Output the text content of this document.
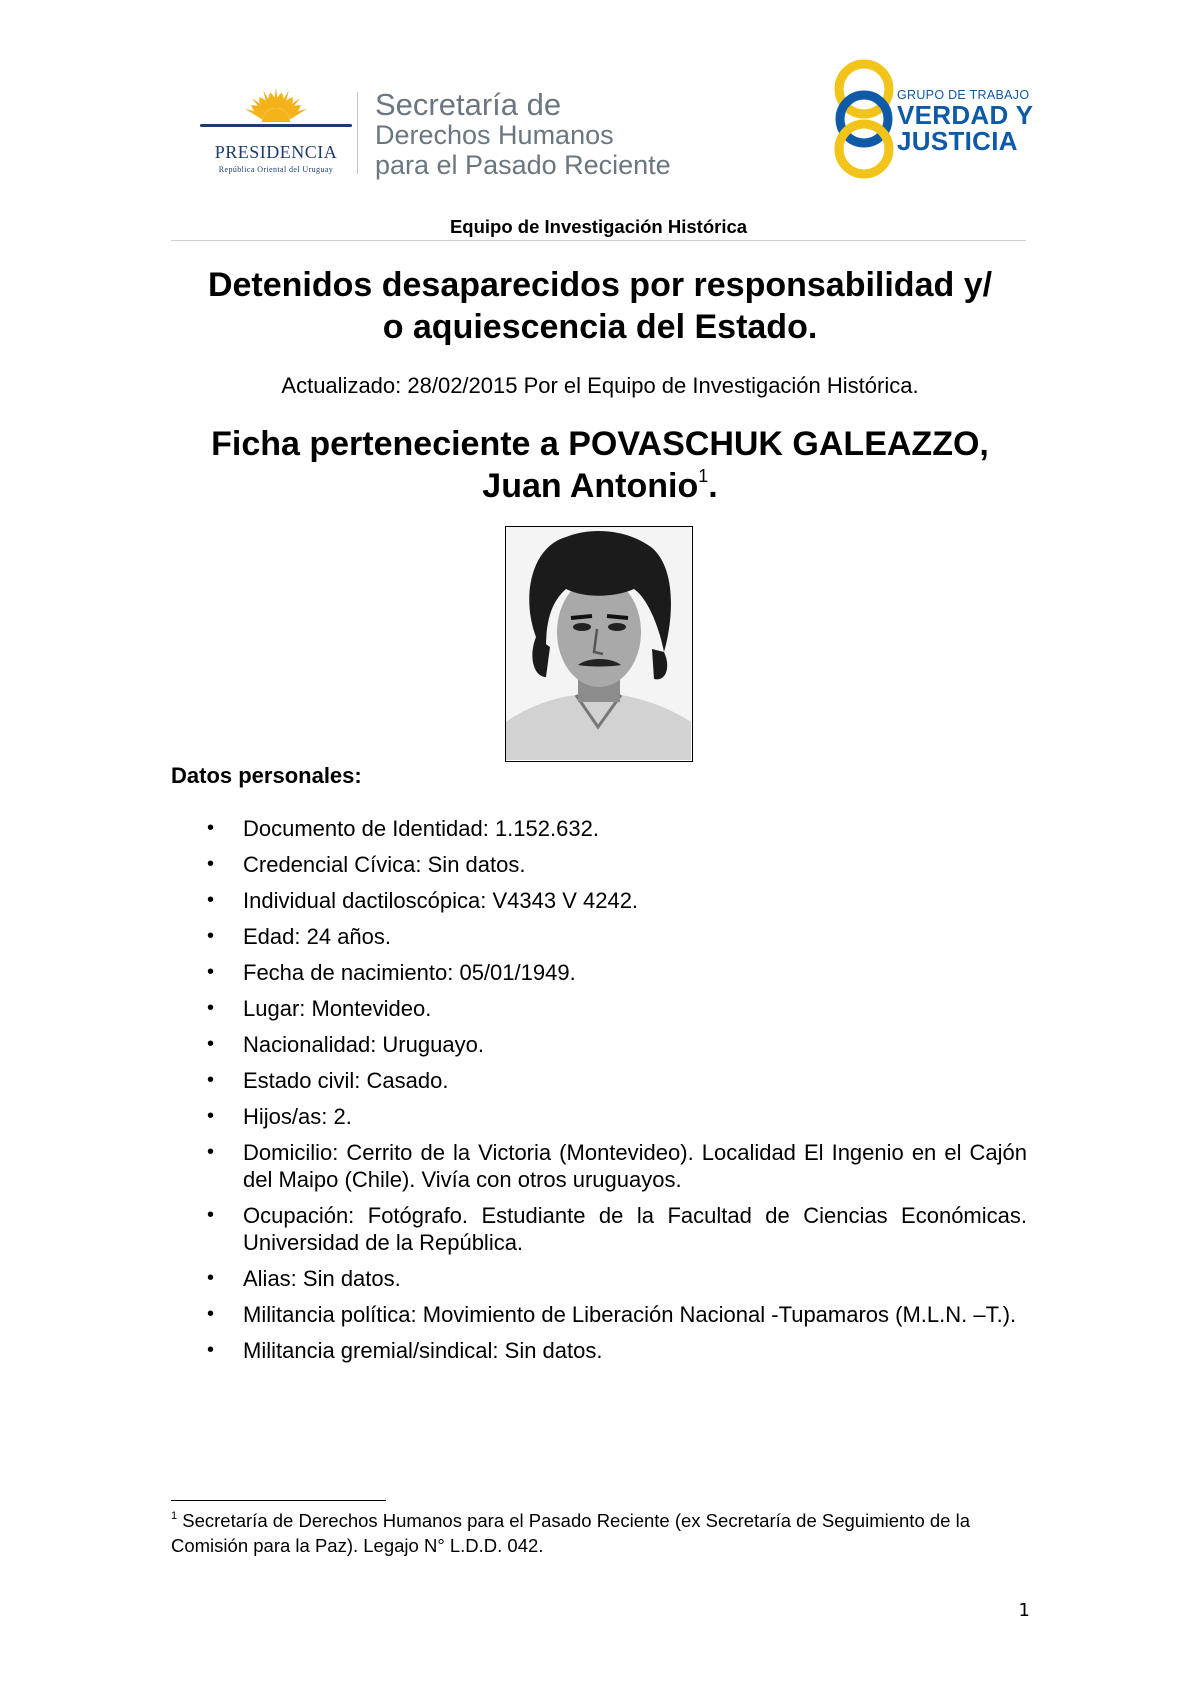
PRESIDENCIA
República Oriental del Uruguay
Secretaría de
Derechos Humanos
para el Pasado Reciente
GRUPO DE TRABAJO
VERDAD Y
JUSTICIA
Equipo de Investigación Histórica
Detenidos desaparecidos por responsabilidad y/
o aquiescencia del Estado.
Actualizado: 28/02/2015 Por el Equipo de Investigación Histórica.
Ficha perteneciente a POVASCHUK GALEAZZO,
Juan Antonio$^1$.
Datos personales:
• Documento de Identidad: 1.152.632.
• Credencial Cívica: Sin datos.
• Individual dactiloscópica: V4343 V 4242.
• Edad: 24 años.
• Fecha de nacimiento: 05/01/1949.
• Lugar: Montevideo.
• Nacionalidad: Uruguayo.
• Estado civil: Casado.
• Hijos/as: 2.
• Domicilio: Cerrito de la Victoria (Montevideo). Localidad El Ingenio en el Cajón del Maipo (Chile). Vivía con otros uruguayos.
• Ocupación: Fotógrafo. Estudiante de la Facultad de Ciencias Económicas. Universidad de la República.
• Alias: Sin datos.
• Militancia política: Movimiento de Liberación Nacional -Tupamaros (M.L.N. –T.).
• Militancia gremial/sindical: Sin datos.
$^1$ Secretaría de Derechos Humanos para el Pasado Reciente (ex Secretaría de Seguimiento de la Comisión para la Paz). Legajo N° L.D.D. 042.
1
